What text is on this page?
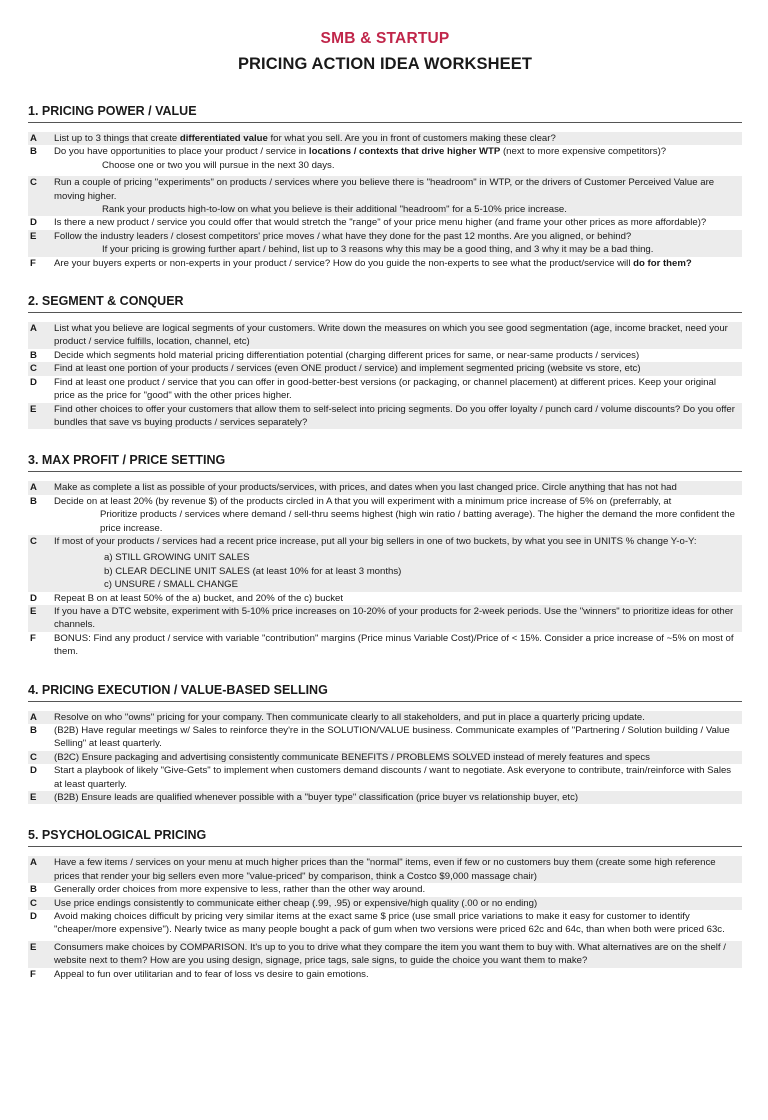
SMB & STARTUP
PRICING ACTION IDEA WORKSHEET
1. PRICING POWER / VALUE
A	List up to 3 things that create differentiated value for what you sell. Are you in front of customers making these clear?
B	Do you have opportunities to place your product / service in locations / contexts that drive higher WTP (next to more expensive competitors)?
Choose one or two you will pursue in the next 30 days.
C	Run a couple of pricing "experiments" on products / services where you believe there is "headroom" in WTP, or the drivers of Customer Perceived Value are moving higher.
Rank your products high-to-low on what you believe is their additional "headroom" for a 5-10% price increase.
D	Is there a new product / service you could offer that would stretch the "range" of your price menu higher (and frame your other prices as more affordable)?
E	Follow the industry leaders / closest competitors' price moves / what have they done for the past 12 months. Are you aligned, or behind?
If your pricing is growing further apart / behind, list up to 3 reasons why this may be a good thing, and 3 why it may be a bad thing.
F	Are your buyers experts or non-experts in your product / service? How do you guide the non-experts to see what the product/service will do for them?
2. SEGMENT & CONQUER
A	List what you believe are logical segments of your customers. Write down the measures on which you see good segmentation (age, income bracket, need your product / service fulfills, location, channel, etc)
B	Decide which segments hold material pricing differentiation potential (charging different prices for same, or near-same products / services)
C	Find at least one portion of your products / services (even ONE product / service) and implement segmented pricing (website vs store, etc)
D	Find at least one product / service that you can offer in good-better-best versions (or packaging, or channel placement) at different prices. Keep your original price as the price for "good" with the other prices higher.
E	Find other choices to offer your customers that allow them to self-select into pricing segments. Do you offer loyalty / punch card / volume discounts? Do you offer bundles that save vs buying products / services separately?
3. MAX PROFIT / PRICE SETTING
A	Make as complete a list as possible of your products/services, with prices, and dates when you last changed price. Circle anything that has not had
B	Decide on at least 20% (by revenue $) of the products circled in A that you will experiment with a minimum price increase of 5% on (preferrably, at
Prioritize products / services where demand / sell-thru seems highest (high win ratio / batting average). The higher the demand the more confident the price increase.
C	If most of your products / services had a recent price increase, put all your big sellers in one of two buckets, by what you see in UNITS % change Y-o-Y:
a) STILL GROWING UNIT SALES
b) CLEAR DECLINE UNIT SALES (at least 10% for at least 3 months)
c) UNSURE / SMALL CHANGE
D	Repeat B on at least 50% of the a) bucket, and 20% of the c) bucket
E	If you have a DTC website, experiment with 5-10% price increases on 10-20% of your products for 2-week periods. Use the "winners" to prioritize ideas for other channels.
F	BONUS: Find any product / service with variable "contribution" margins (Price minus Variable Cost)/Price of < 15%. Consider a price increase of ~5% on most of them.
4. PRICING EXECUTION / VALUE-BASED SELLING
A	Resolve on who "owns" pricing for your company. Then communicate clearly to all stakeholders, and put in place a quarterly pricing update.
B	(B2B) Have regular meetings w/ Sales to reinforce they're in the SOLUTION/VALUE business. Communicate examples of "Partnering / Solution building / Value Selling" at least quarterly.
C	(B2C) Ensure packaging and advertising consistently communicate BENEFITS / PROBLEMS SOLVED instead of merely features and specs
D	Start a playbook of likely "Give-Gets" to implement when customers demand discounts / want to negotiate. Ask everyone to contribute, train/reinforce with Sales at least quarterly.
E	(B2B) Ensure leads are qualified whenever possible with a "buyer type" classification (price buyer vs relationship buyer, etc)
5. PSYCHOLOGICAL PRICING
A	Have a few items / services on your menu at much higher prices than the "normal" items, even if few or no customers buy them (create some high reference prices that render your big sellers even more "value-priced" by comparison, think a Costco $9,000 massage chair)
B	Generally order choices from more expensive to less, rather than the other way around.
C	Use price endings consistently to communicate either cheap (.99, .95) or expensive/high quality (.00 or no ending)
D	Avoid making choices difficult by pricing very similar items at the exact same $ price (use small price variations to make it easy for customer to identify "cheaper/more expensive"). Nearly twice as many people bought a pack of gum when two versions were priced 62c and 64c, than when both were priced 63c.
E	Consumers make choices by COMPARISON. It's up to you to drive what they compare the item you want them to buy with. What alternatives are on the shelf / website next to them? How are you using design, signage, price tags, sale signs, to guide the choice you want them to make?
F	Appeal to fun over utilitarian and to fear of loss vs desire to gain emotions.
